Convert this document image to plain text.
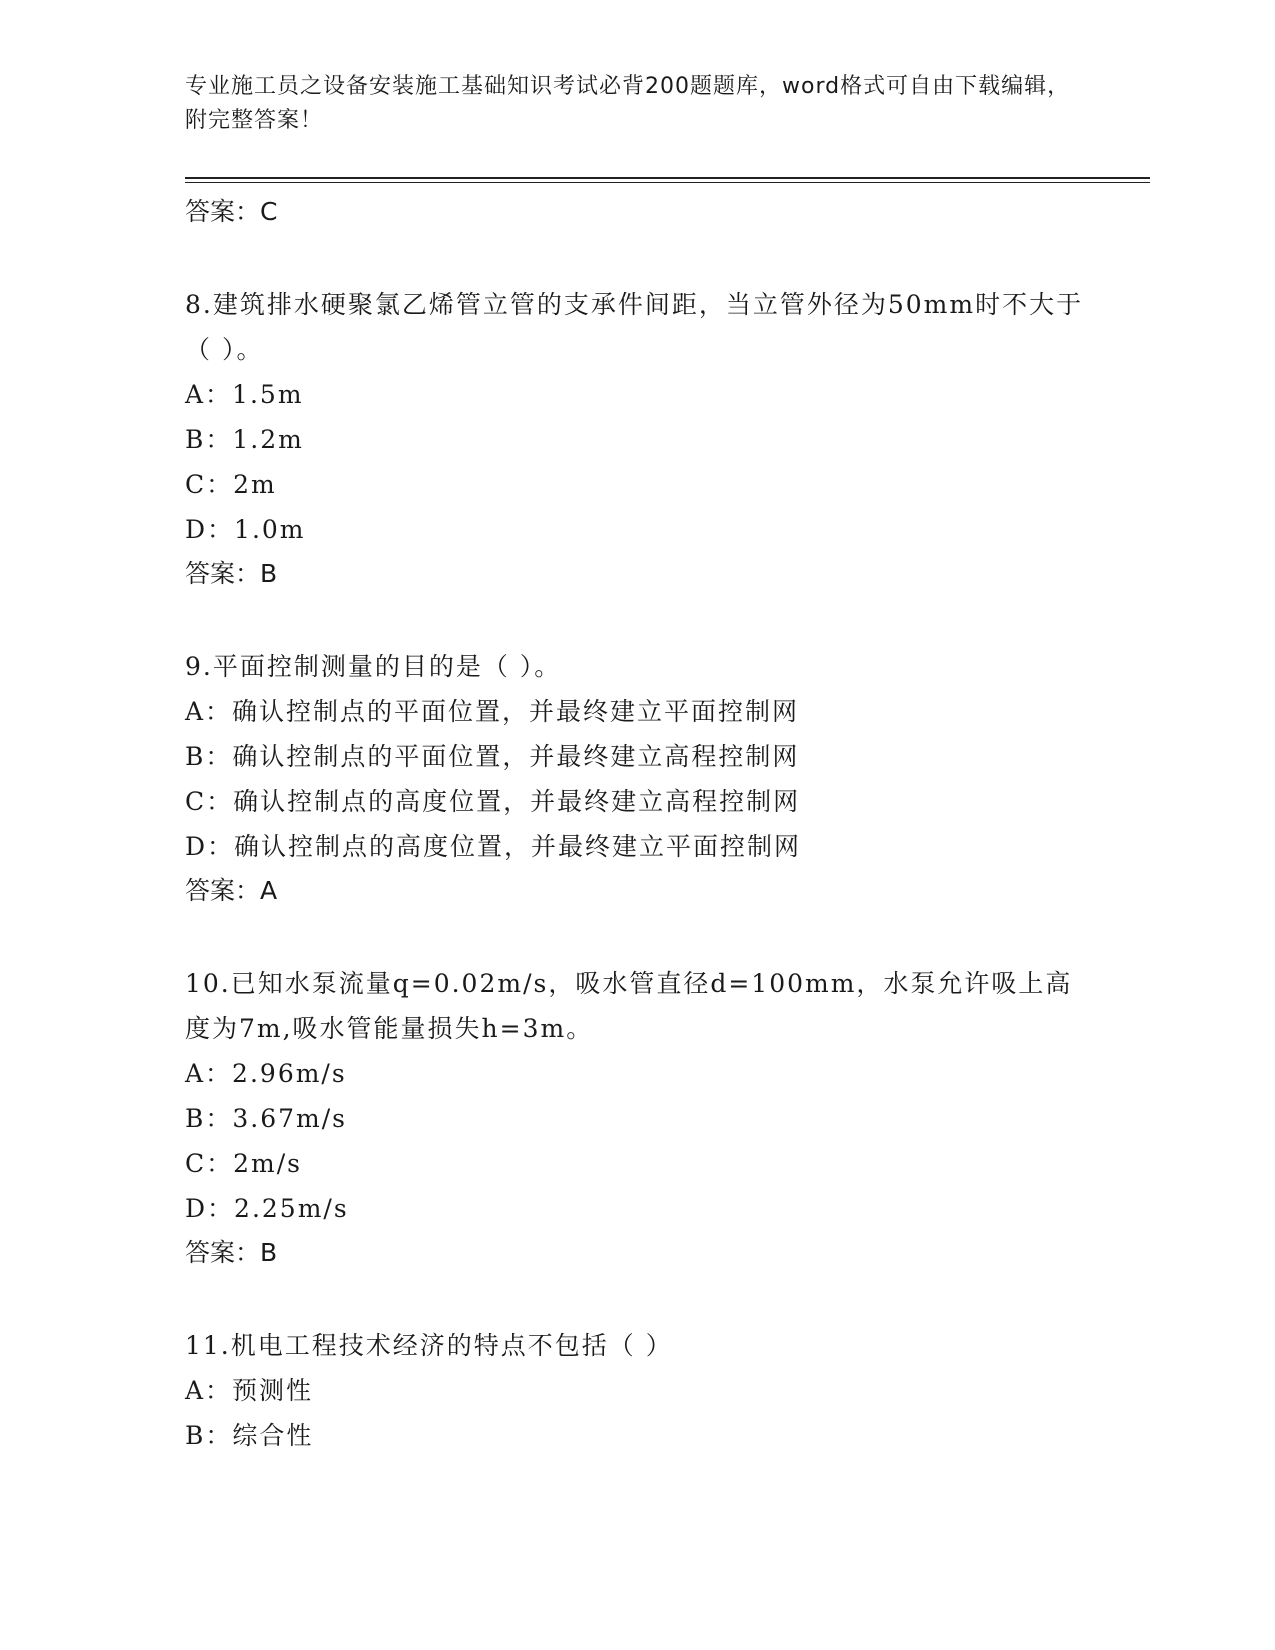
专业施工员之设备安装施工基础知识考试必背200题题库，word格式可自由下载编辑，附完整答案！
答案：C

8.建筑排水硬聚氯乙烯管立管的支承件间距，当立管外径为50mm时不大于（ ）。

A：1.5m
B：1.2m
C：2m
D：1.0m
答案：B

9.平面控制测量的目的是（ ）。

A：确认控制点的平面位置，并最终建立平面控制网
B：确认控制点的平面位置，并最终建立高程控制网
C：确认控制点的高度位置，并最终建立高程控制网
D：确认控制点的高度位置，并最终建立平面控制网
答案：A

10.已知水泵流量q=0.02m/s，吸水管直径d=100mm，水泵允许吸上高度为7m,吸水管能量损失h=3m。

A：2.96m/s
B：3.67m/s
C：2m/s
D：2.25m/s
答案：B

11.机电工程技术经济的特点不包括（ ）

A：预测性
B：综合性
